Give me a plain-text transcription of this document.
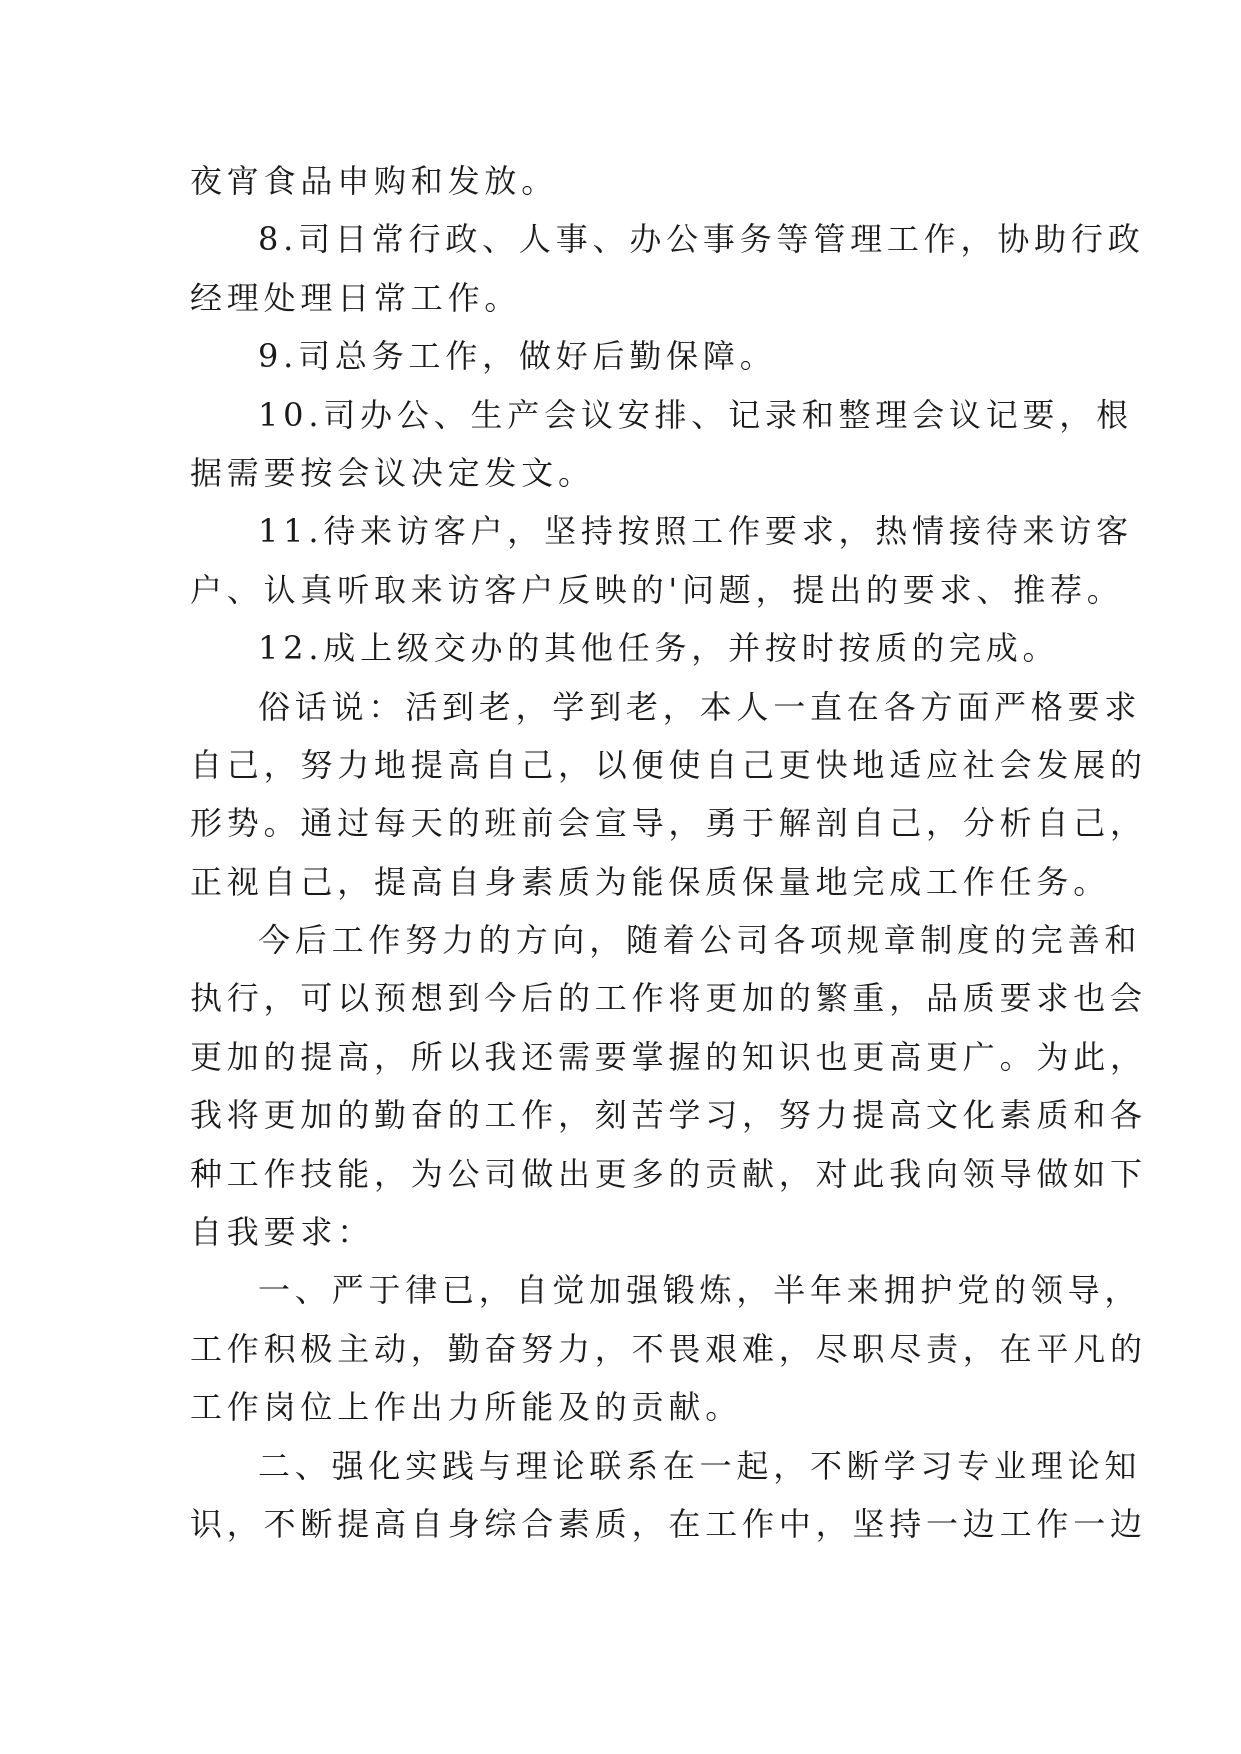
夜宵食品申购和发放。
8.司日常行政、人事、办公事务等管理工作，协助行政
经理处理日常工作。
9.司总务工作，做好后勤保障。
10.司办公、生产会议安排、记录和整理会议记要，根
据需要按会议决定发文。
11.待来访客户，坚持按照工作要求，热情接待来访客
户、认真听取来访客户反映的'问题，提出的要求、推荐。
12.成上级交办的其他任务，并按时按质的完成。
俗话说：活到老，学到老，本人一直在各方面严格要求
自己，努力地提高自己，以便使自己更快地适应社会发展的
形势。通过每天的班前会宣导，勇于解剖自己，分析自己，
正视自己，提高自身素质为能保质保量地完成工作任务。
今后工作努力的方向，随着公司各项规章制度的完善和
执行，可以预想到今后的工作将更加的繁重，品质要求也会
更加的提高，所以我还需要掌握的知识也更高更广。为此，
我将更加的勤奋的工作，刻苦学习，努力提高文化素质和各
种工作技能，为公司做出更多的贡献，对此我向领导做如下
自我要求：
一、严于律已，自觉加强锻炼，半年来拥护党的领导，
工作积极主动，勤奋努力，不畏艰难，尽职尽责，在平凡的
工作岗位上作出力所能及的贡献。
二、强化实践与理论联系在一起，不断学习专业理论知
识，不断提高自身综合素质，在工作中，坚持一边工作一边
